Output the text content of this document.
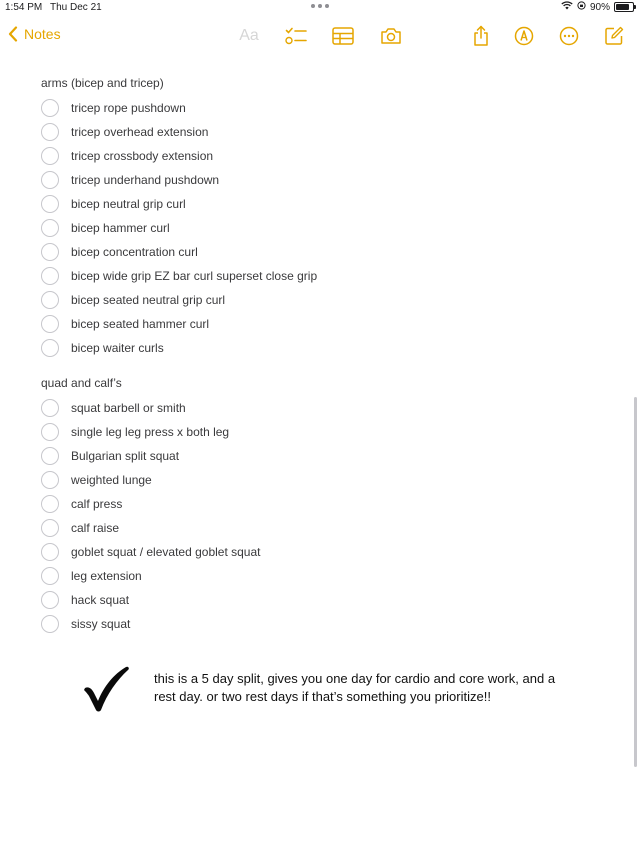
1:54 PM Thu Dec 21	90%
Notes	Aa
arms (bicep and tricep)
tricep rope pushdown
tricep overhead extension
tricep crossbody extension
tricep underhand pushdown
bicep neutral grip curl
bicep hammer curl
bicep concentration curl
bicep wide grip EZ bar curl superset close grip
bicep seated neutral grip curl
bicep seated hammer curl
bicep waiter curls
quad and calf’s
squat barbell or smith
single leg leg press x both leg
Bulgarian split squat
weighted lunge
calf press
calf raise
goblet squat / elevated goblet squat
leg extension
hack squat
sissy squat
this is a 5 day split, gives you one day for cardio and core work, and a rest day. or two rest days if that’s something you prioritize!!
